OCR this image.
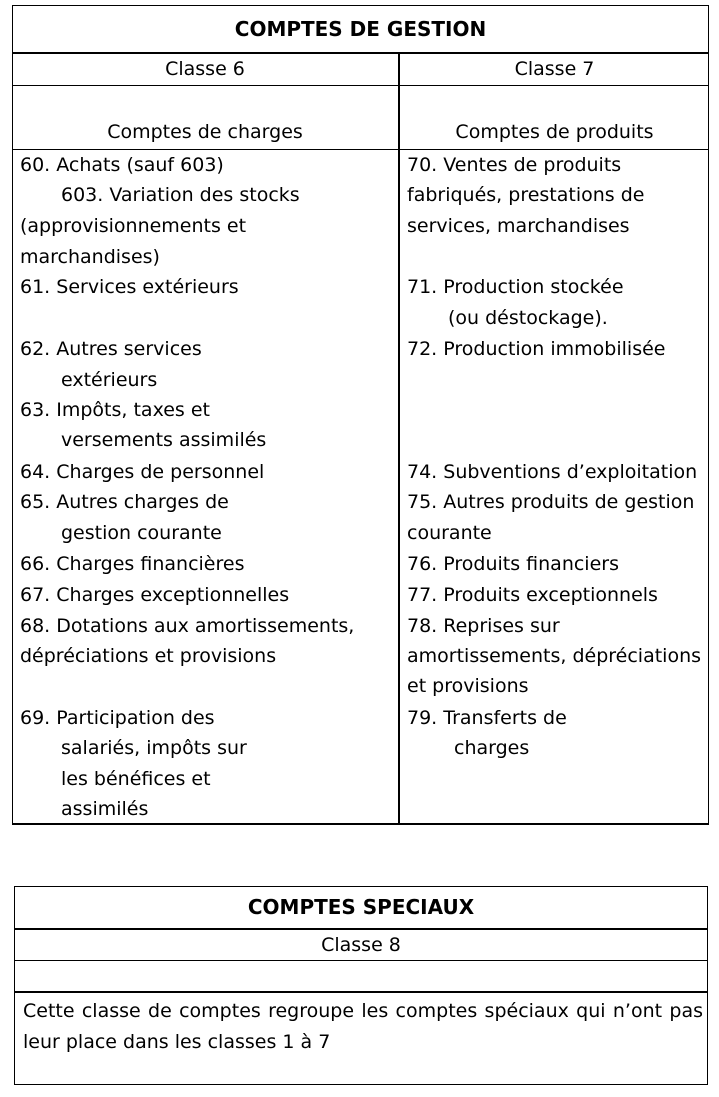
COMPTES DE GESTION
Classe 6	Classe 7
Comptes de charges	Comptes de produits
60. Achats (sauf 603)
603. Variation des stocks
(approvisionnements et
marchandises)
61. Services extérieurs
62. Autres services
extérieurs
63. Impôts, taxes et
versements assimilés
64. Charges de personnel
65. Autres charges de
gestion courante
66. Charges financières
67. Charges exceptionnelles
68. Dotations aux amortissements,
dépréciations et provisions
69. Participation des
salariés, impôts sur
les bénéfices et
assimilés
70. Ventes de produits
fabriqués, prestations de
services, marchandises
71. Production stockée
(ou déstockage).
72. Production immobilisée
74. Subventions d’exploitation
75. Autres produits de gestion
courante
76. Produits financiers
77. Produits exceptionnels
78. Reprises sur
amortissements, dépréciations
et provisions
79. Transferts de
charges
COMPTES SPECIAUX
Classe 8
Cette classe de comptes regroupe les comptes spéciaux qui n’ont pas leur place dans les classes 1 à 7
